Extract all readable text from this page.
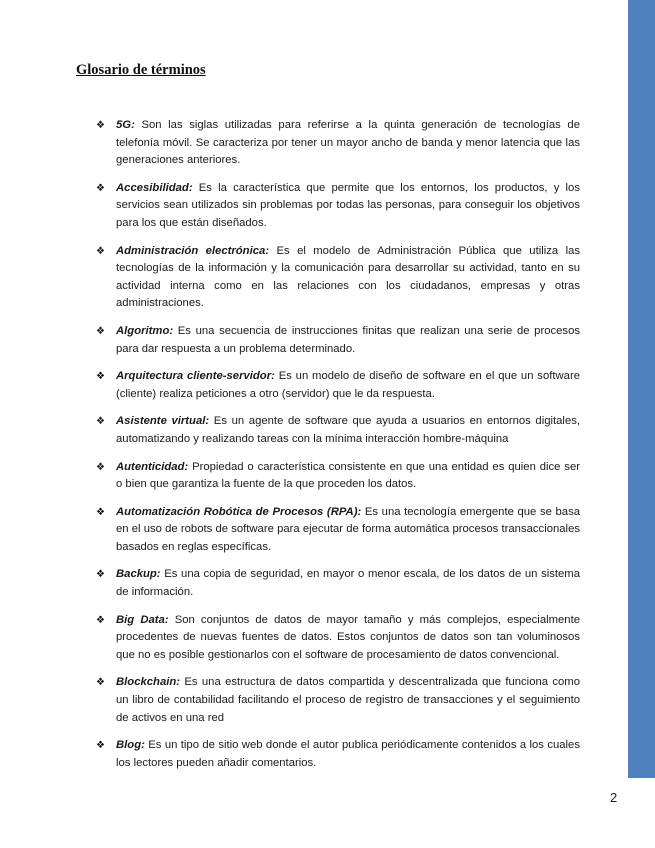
Glosario de términos
❖ 5G: Son las siglas utilizadas para referirse a la quinta generación de tecnologías de telefonía móvil. Se caracteriza por tener un mayor ancho de banda y menor latencia que las generaciones anteriores.
❖ Accesibilidad: Es la característica que permite que los entornos, los productos, y los servicios sean utilizados sin problemas por todas las personas, para conseguir los objetivos para los que están diseñados.
❖ Administración electrónica: Es el modelo de Administración Pública que utiliza las tecnologías de la información y la comunicación para desarrollar su actividad, tanto en su actividad interna como en las relaciones con los ciudadanos, empresas y otras administraciones.
❖ Algoritmo: Es una secuencia de instrucciones finitas que realizan una serie de procesos para dar respuesta a un problema determinado.
❖ Arquitectura cliente-servidor: Es un modelo de diseño de software en el que un software (cliente) realiza peticiones a otro (servidor) que le da respuesta.
❖ Asistente virtual: Es un agente de software que ayuda a usuarios en entornos digitales, automatizando y realizando tareas con la mínima interacción hombre-máquina
❖ Autenticidad: Propiedad o característica consistente en que una entidad es quien dice ser o bien que garantiza la fuente de la que proceden los datos.
❖ Automatización Robótica de Procesos (RPA): Es una tecnología emergente que se basa en el uso de robots de software para ejecutar de forma automática procesos transaccionales basados en reglas específicas.
❖ Backup: Es una copia de seguridad, en mayor o menor escala, de los datos de un sistema de información.
❖ Big Data: Son conjuntos de datos de mayor tamaño y más complejos, especialmente procedentes de nuevas fuentes de datos. Estos conjuntos de datos son tan voluminosos que no es posible gestionarlos con el software de procesamiento de datos convencional.
❖ Blockchain: Es una estructura de datos compartida y descentralizada que funciona como un libro de contabilidad facilitando el proceso de registro de transacciones y el seguimiento de activos en una red
❖ Blog: Es un tipo de sitio web donde el autor publica periódicamente contenidos a los cuales los lectores pueden añadir comentarios.
2
